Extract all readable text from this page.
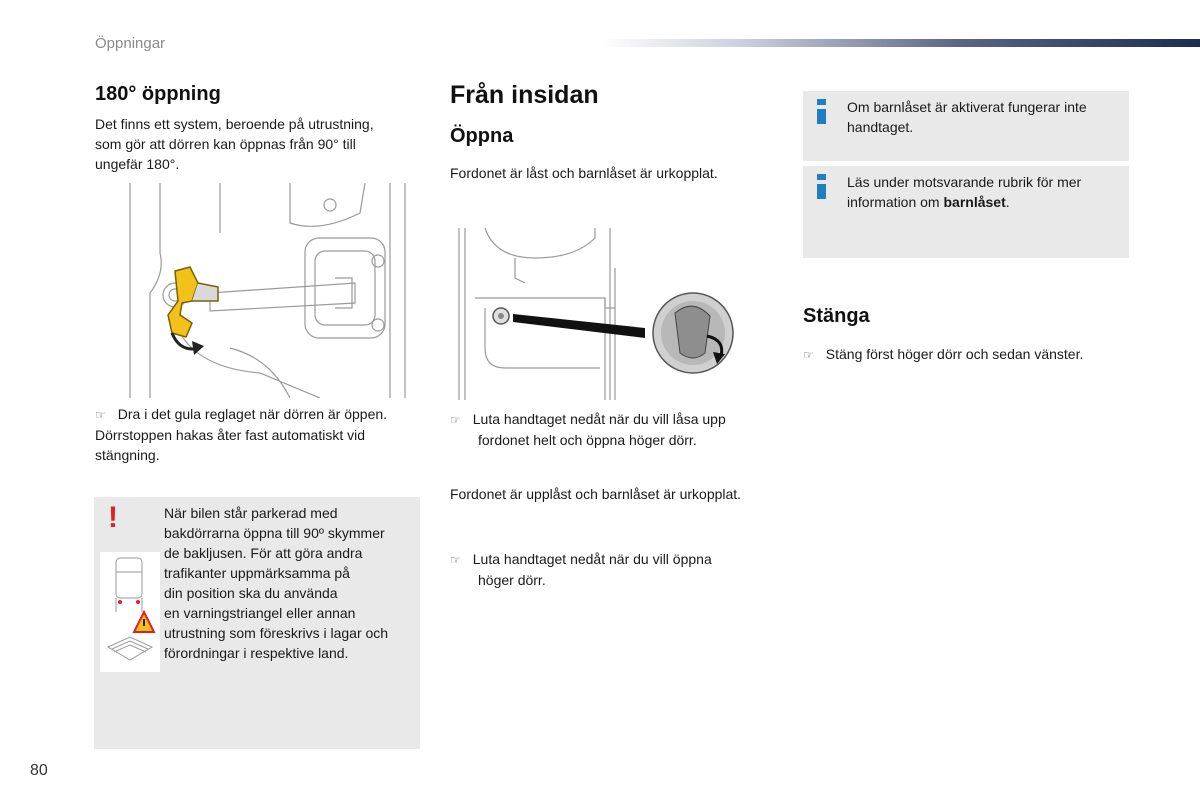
Öppningar
180° öppning
Det finns ett system, beroende på utrustning,
som gör att dörren kan öppnas från 90° till
ungefär 180°.
☞ Dra i det gula reglaget när dörren är öppen.
Dörrstoppen hakas åter fast automatiskt vid
stängning.
!	När bilen står parkerad med
bakdörrarna öppna till 90º skymmer
de bakljusen. För att göra andra
trafikanter uppmärksamma på
din position ska du använda
en varningstriangel eller annan
utrustning som föreskrivs i lagar och
förordningar i respektive land.
Från insidan
Öppna
Fordonet är låst och barnlåset är urkopplat.
☞ Luta handtaget nedåt när du vill låsa upp
fordonet helt och öppna höger dörr.
Fordonet är upplåst och barnlåset är urkopplat.
☞ Luta handtaget nedåt när du vill öppna
höger dörr.
Om barnlåset är aktiverat fungerar inte
handtaget.
Läs under motsvarande rubrik för mer
information om barnlåset.
Stänga
☞ Stäng först höger dörr och sedan vänster.
80
